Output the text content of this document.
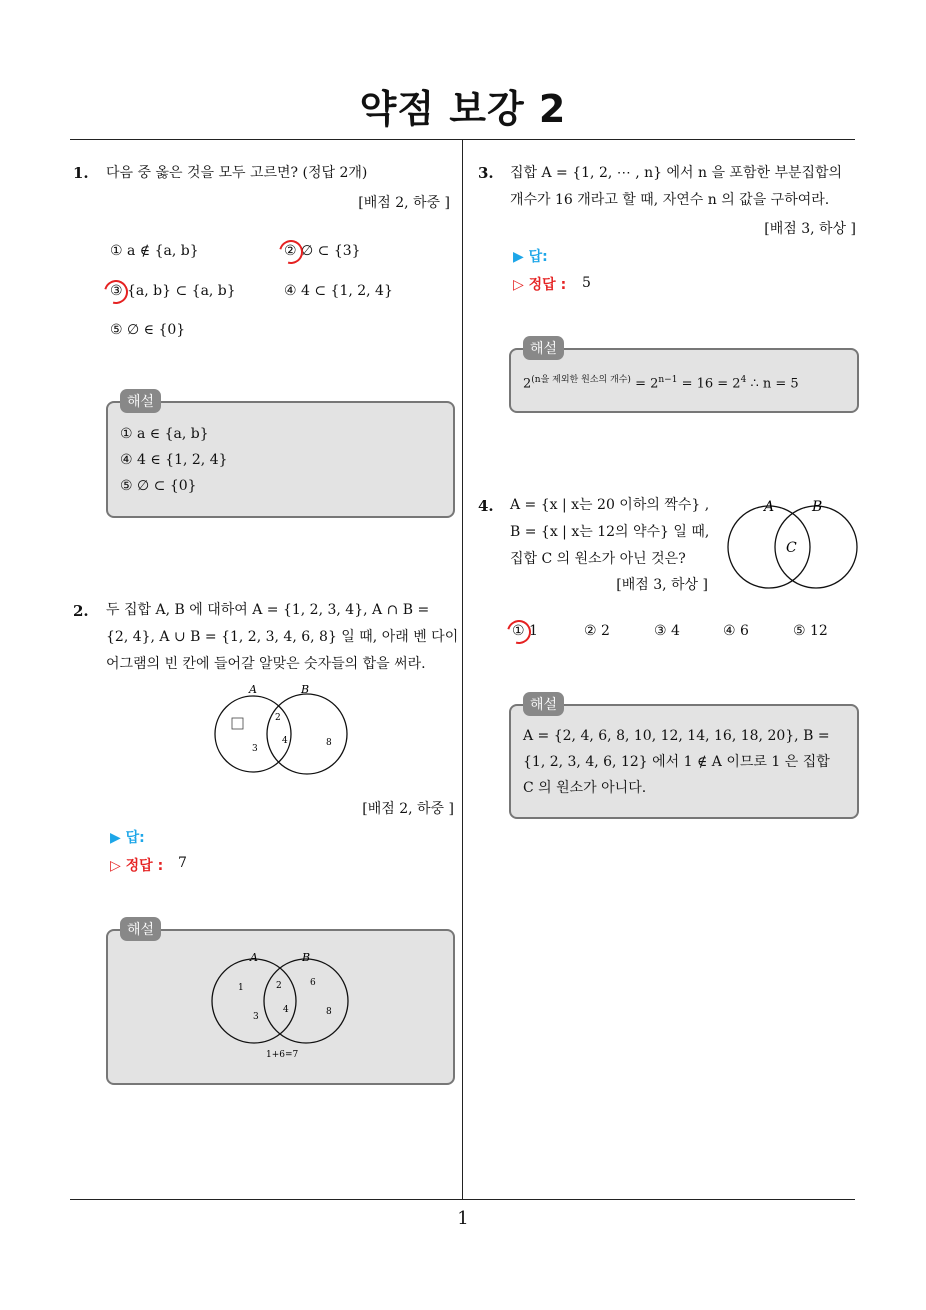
약점 보강 2
1
1. 다음 중 옳은 것을 모두 고르면? (정답 2개)
[배점 2, 하중 ]
① a ∉ {a, b}	② ∅ ⊂ {3}
③ {a, b} ⊂ {a, b}	④ 4 ⊂ {1, 2, 4}
⑤ ∅ ∈ {0}
① a ∈ {a, b}
④ 4 ∈ {1, 2, 4}
⑤ ∅ ⊂ {0}
해설
2. 두 집합 A, B 에 대하여 A = {1, 2, 3, 4}, A ∩ B =
{2, 4}, A ∪ B = {1, 2, 3, 4, 6, 8} 일 때, 아래 벤 다이
어그램의 빈 칸에 들어갈 알맞은 숫자들의 합을 써라.
A	B
2
3
4	8
[배점 2, 하중 ]
▶ 답:
▷ 정답 : 7
A	B
1	2	6
3
4	8
1+6=7
해설
3. 집합 A = {1, 2, ⋯ , n} 에서 n 을 포함한 부분집합의
개수가 16 개라고 할 때, 자연수 n 의 값을 구하여라.
[배점 3, 하상 ]
▶ 답:
▷ 정답 : 5
$2^{(n을 제외한 원소의 개수)} = 2^{n-1} = 16 = 2^4$ ∴ n = 5
해설
4. A = {x | x는 20 이하의 짝수} ,
B = {x | x는 12의 약수} 일 때,
집합 C 의 원소가 아닌 것은?
[배점 3, 하상 ]
A	B
C
① 1	② 2	③ 4	④ 6	⑤ 12
A = {2, 4, 6, 8, 10, 12, 14, 16, 18, 20}, B =
{1, 2, 3, 4, 6, 12} 에서 1 ∉ A 이므로 1 은 집합
C 의 원소가 아니다.
해설
